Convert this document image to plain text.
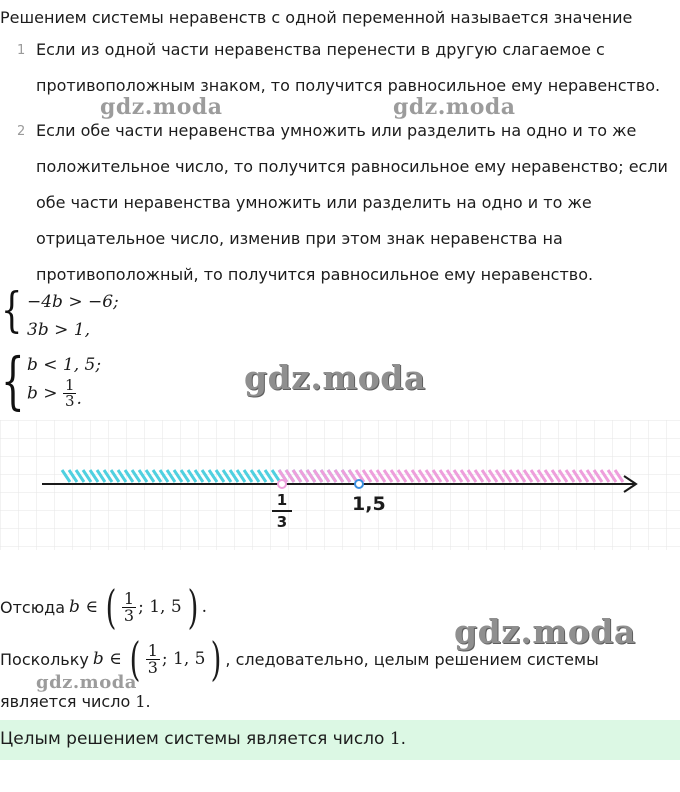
Решением системы неравенств с одной переменной называется значение
1 Если из одной части неравенства перенести в другую слагаемое с
противоположным знаком, то получится равносильное ему неравенство.
2 Если обе части неравенства умножить или разделить на одно и то же
положительное число, то получится равносильное ему неравенство; если
обе части неравенства умножить или разделить на одно и то же
отрицательное число, изменив при этом знак неравенства на
противоположный, то получится равносильное ему неравенство.
gdz.moda	gdz.moda
gdz.moda
gdz.moda
gdz.moda
{ −4b > −6;
3b > 1,
{ b < 1, 5;
$b > \frac{1}{3}$ .
$\frac{1}{3}$	1,5
Отсюда b ∈ ( $\frac{1}{3}$ ; 1, 5 ) .
Поскольку b ∈ ( $\frac{1}{3}$ ; 1, 5 ) , следовательно, целым решением системы
является число 1.
Целым решением системы является число 1.
